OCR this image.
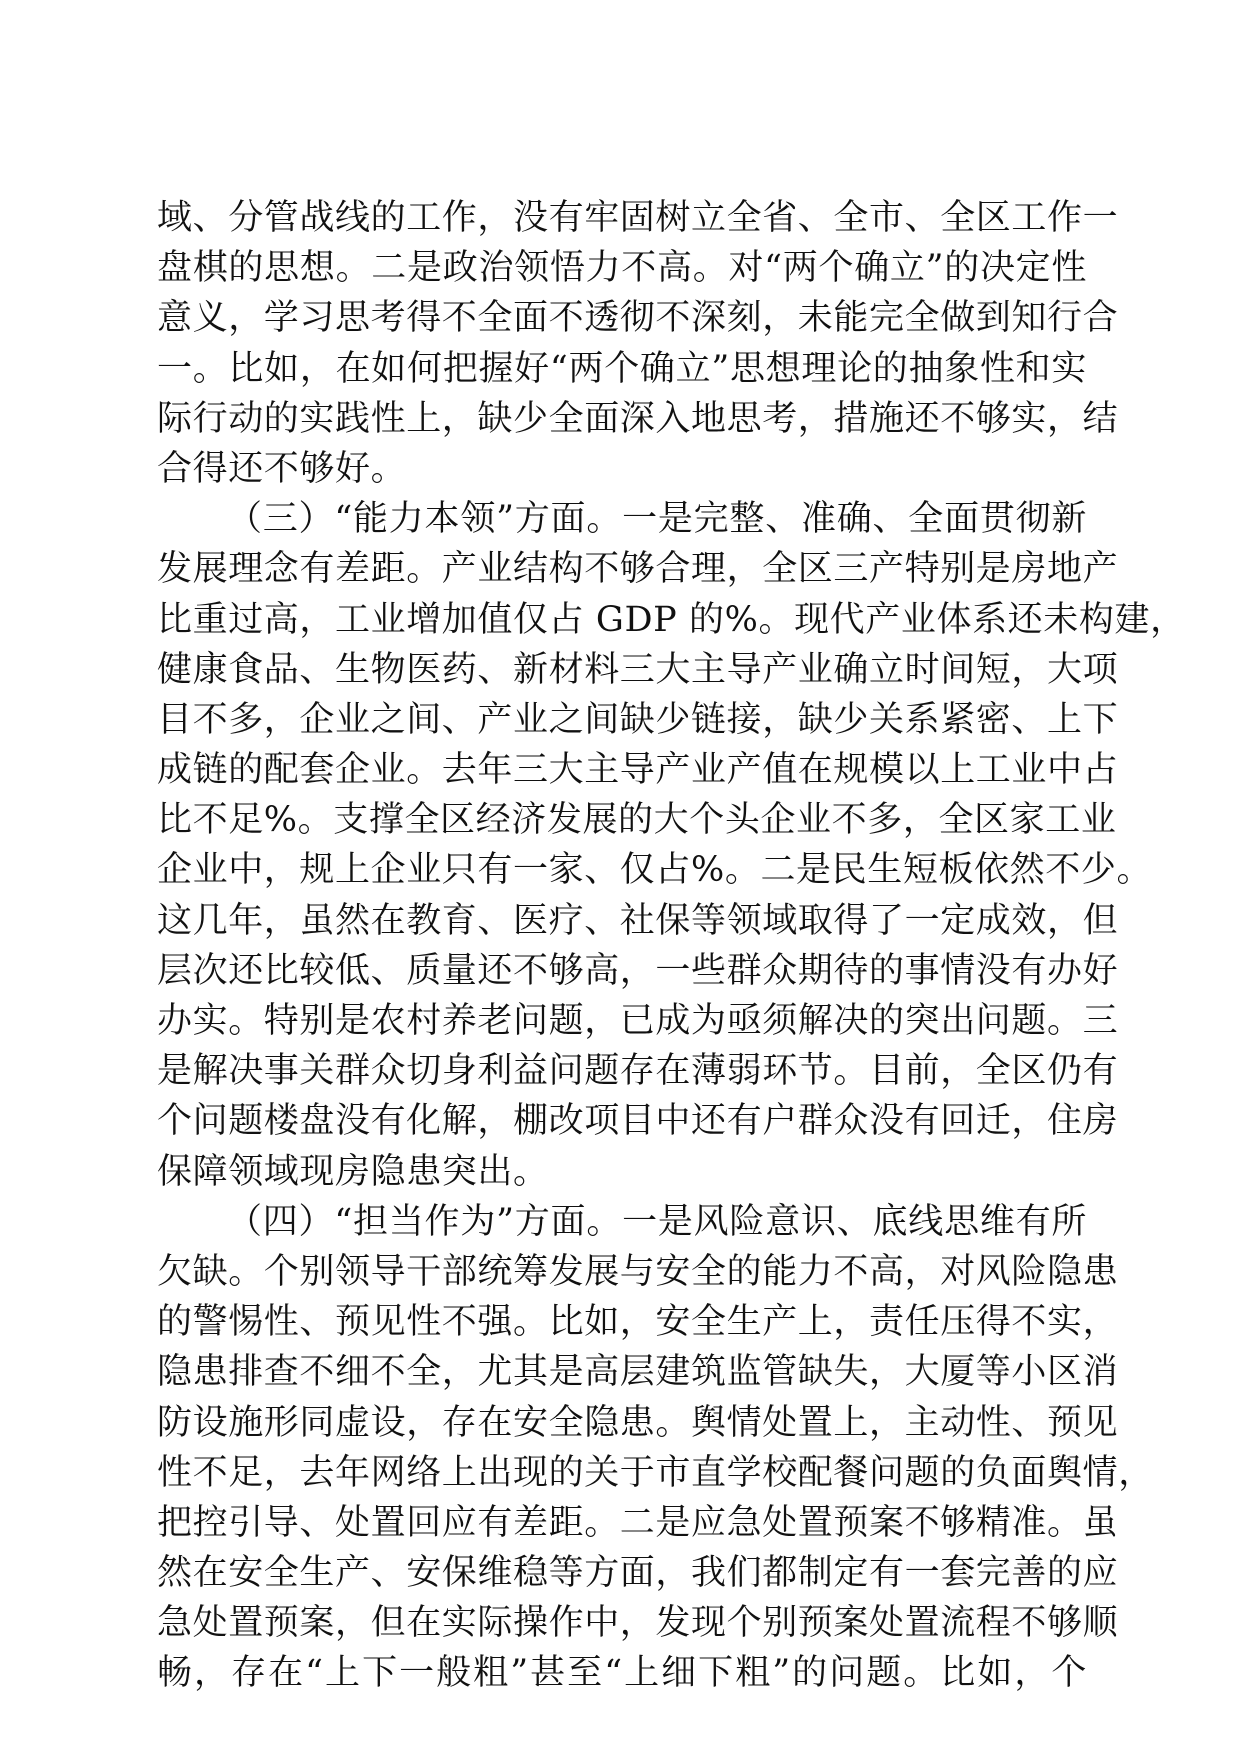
域、分管战线的工作，没有牢固树立全省、全市、全区工作一
盘棋的思想。二是政治领悟力不高。对“两个确立”的决定性
意义，学习思考得不全面不透彻不深刻，未能完全做到知行合
一。比如，在如何把握好“两个确立”思想理论的抽象性和实
际行动的实践性上，缺少全面深入地思考，措施还不够实，结
合得还不够好。
（三）“能力本领”方面。一是完整、准确、全面贯彻新
发展理念有差距。产业结构不够合理，全区三产特别是房地产
比重过高，工业增加值仅占 GDP 的%。现代产业体系还未构建，
健康食品、生物医药、新材料三大主导产业确立时间短，大项
目不多，企业之间、产业之间缺少链接，缺少关系紧密、上下
成链的配套企业。去年三大主导产业产值在规模以上工业中占
比不足%。支撑全区经济发展的大个头企业不多，全区家工业
企业中，规上企业只有一家、仅占%。二是民生短板依然不少。
这几年，虽然在教育、医疗、社保等领域取得了一定成效，但
层次还比较低、质量还不够高，一些群众期待的事情没有办好
办实。特别是农村养老问题，已成为亟须解决的突出问题。三
是解决事关群众切身利益问题存在薄弱环节。目前，全区仍有
个问题楼盘没有化解，棚改项目中还有户群众没有回迁，住房
保障领域现房隐患突出。
（四）“担当作为”方面。一是风险意识、底线思维有所
欠缺。个别领导干部统筹发展与安全的能力不高，对风险隐患
的警惕性、预见性不强。比如，安全生产上，责任压得不实，
隐患排查不细不全，尤其是高层建筑监管缺失，大厦等小区消
防设施形同虚设，存在安全隐患。舆情处置上，主动性、预见
性不足，去年网络上出现的关于市直学校配餐问题的负面舆情，
把控引导、处置回应有差距。二是应急处置预案不够精准。虽
然在安全生产、安保维稳等方面，我们都制定有一套完善的应
急处置预案，但在实际操作中，发现个别预案处置流程不够顺
畅，存在“上下一般粗”甚至“上细下粗”的问题。比如，个
